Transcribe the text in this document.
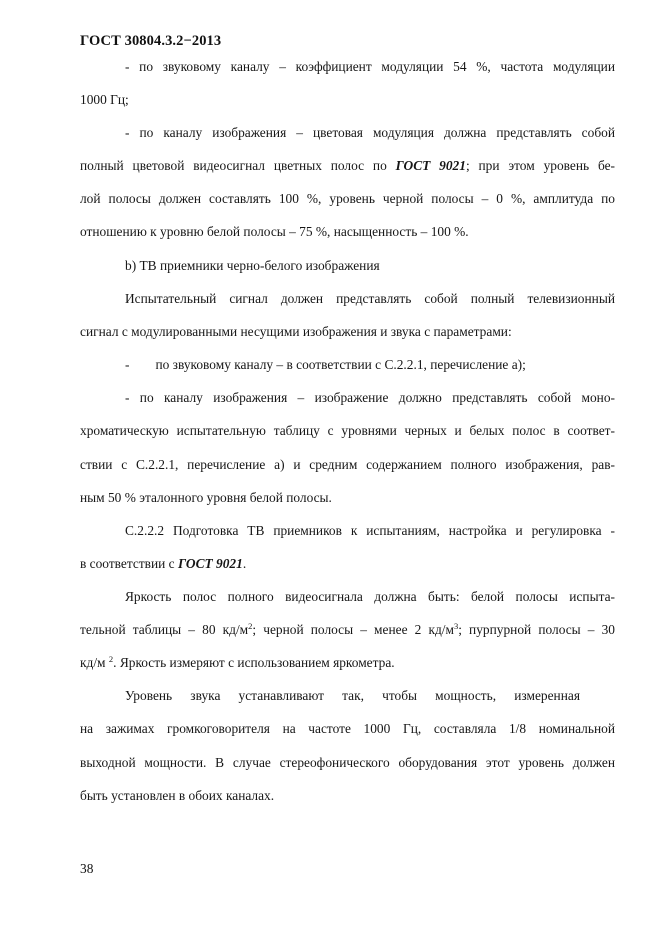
ГОСТ 30804.3.2−2013
- по звуковому каналу – коэффициент модуляции 54 %, частота модуляции
1000 Гц;
- по каналу изображения – цветовая модуляция должна представлять собой
полный цветовой видеосигнал цветных полос по ГОСТ 9021; при этом уровень бе-
лой полосы должен составлять 100 %, уровень черной полосы – 0 %, амплитуда по
отношению к уровню белой полосы – 75 %, насыщенность – 100 %.
b) ТВ приемники черно-белого изображения
Испытательный сигнал должен представлять собой полный телевизионный
сигнал с модулированными несущими изображения и звука с параметрами:
- по звуковому каналу – в соответствии с С.2.2.1, перечисление а);
- по каналу изображения – изображение должно представлять собой моно-
хроматическую испытательную таблицу с уровнями черных и белых полос в соответ-
ствии с С.2.2.1, перечисление а) и средним содержанием полного изображения, рав-
ным 50 % эталонного уровня белой полосы.
С.2.2.2 Подготовка ТВ приемников к испытаниям, настройка и регулировка -
в соответствии с ГОСТ 9021.
Яркость полос полного видеосигнала должна быть: белой полосы испыта-
тельной таблицы – 80 $кд/м^2$; черной полосы – менее 2 $кд/м^3$; пурпурной полосы – 30
кд/м $^2$. Яркость измеряют с использованием яркометра.
Уровень звука устанавливают так, чтобы мощность, измеренная
на зажимах громкоговорителя на частоте 1000 Гц, составляла 1/8 номинальной
выходной мощности. В случае стереофонического оборудования этот уровень должен
быть установлен в обоих каналах.
38
